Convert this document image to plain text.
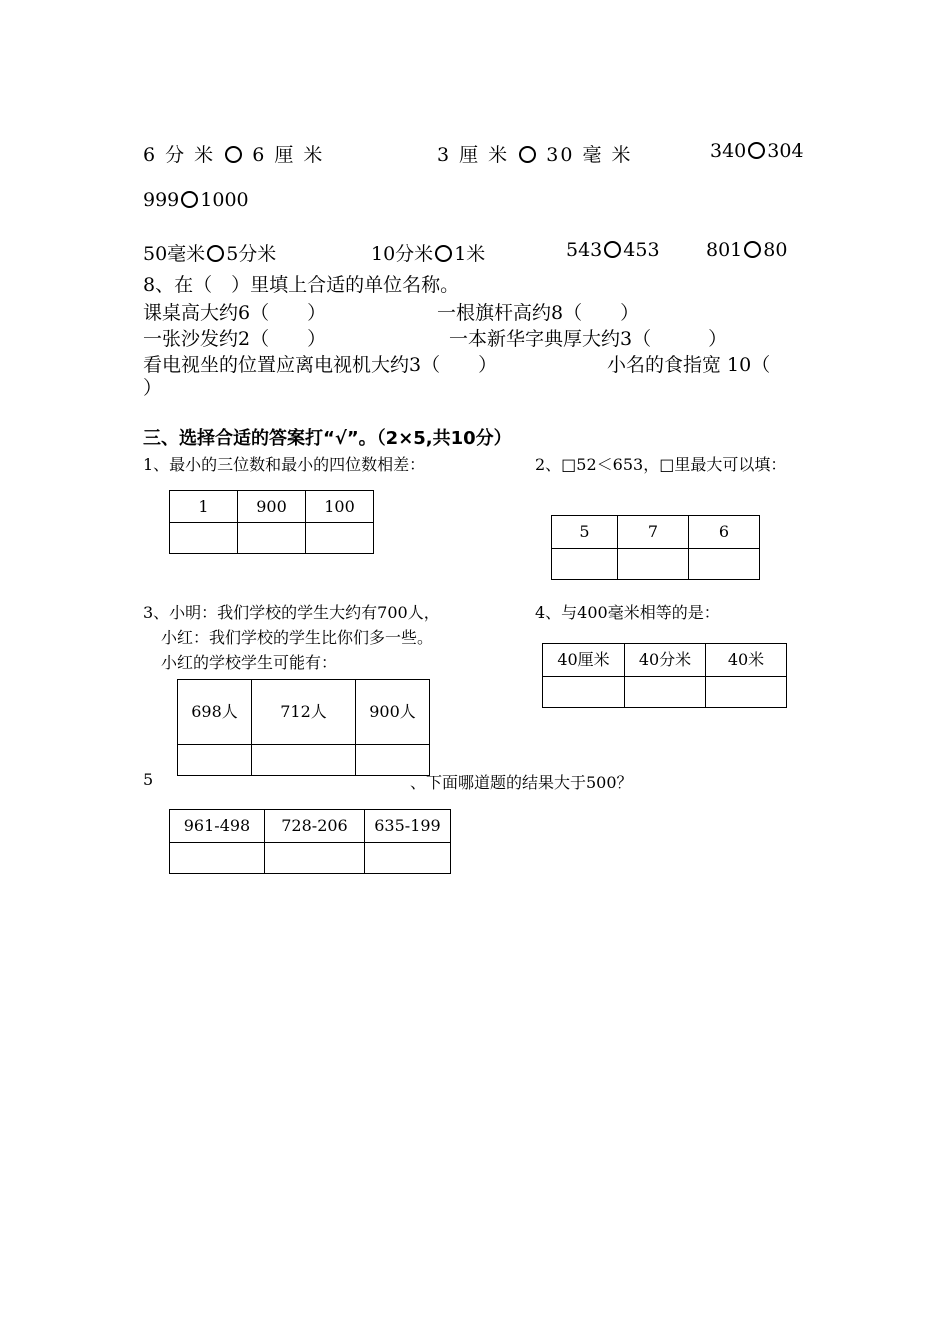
6 分 米 6 厘 米	3 厘 米 30 毫 米	340 304
999 1000
50毫米 5分米	10分米 1米	543 453 801 80
8、在（　）里填上合适的单位名称。
课桌高大约6（　　）	一根旗杆高约8（　　）
一张沙发约2（　　）	一本新华字典厚大约3（　　　）
看电视坐的位置应离电视机大约3（　　）	小名的食指宽 10（
）
三、选择合适的答案打“√”。（2×5,共10分）
1、最小的三位数和最小的四位数相差：
1	900	100

2、□52＜653，□里最大可以填：
5	7	6

3、小明：我们学校的学生大约有700人，
小红：我们学校的学生比你们多一些。
小红的学校学生可能有：
698人	712人	900人

4、与400毫米相等的是：
40厘米	40分米	40米

5	、下面哪道题的结果大于500？
961-498	728-206	635-199
